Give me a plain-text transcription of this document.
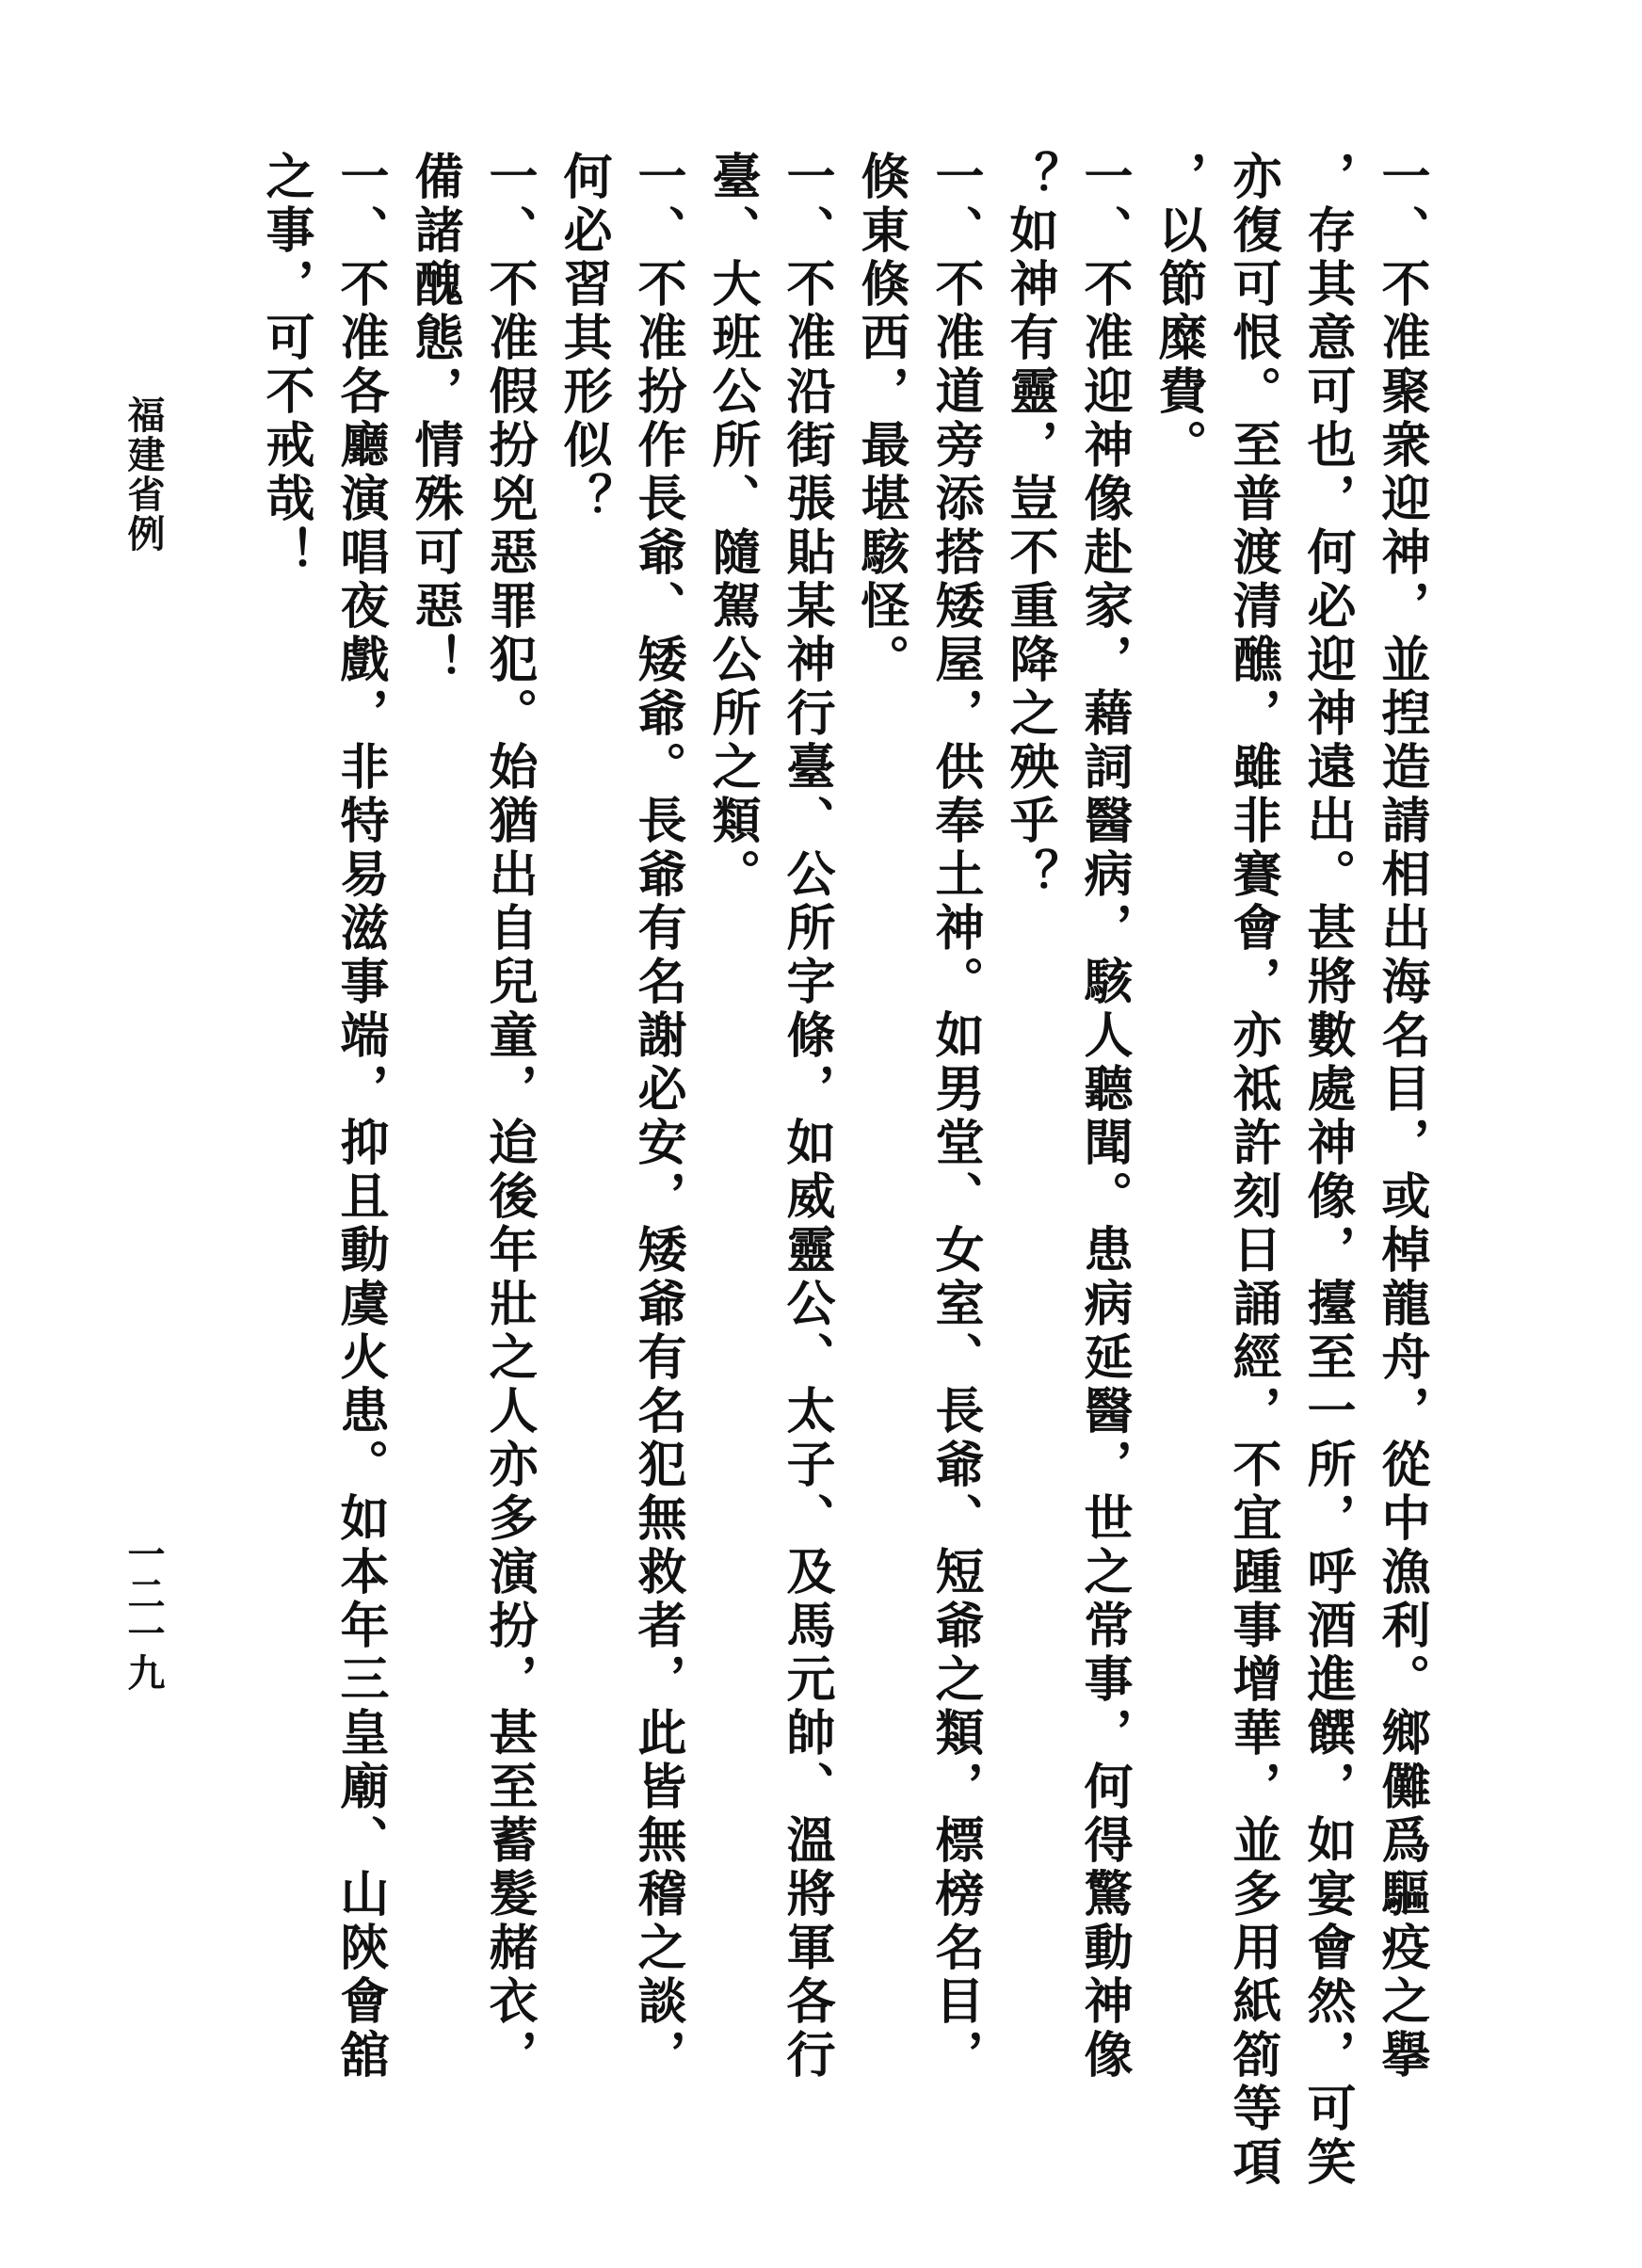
一、不准聚衆迎神，並揑造請相出海名目，或棹龍舟，從中漁利。鄉儺爲驅疫之擧
，存其意可也，何必迎神遠出。甚將數處神像，擡至一所，呼酒進饌，如宴會然，可笑
亦復可恨。至普渡清醮，雖非賽會，亦祗許刻日誦經，不宜踵事增華，並多用紙箚等項
，以節糜費。
一、不准迎神像赴家，藉詞醫病，駭人聽聞。患病延醫，世之常事，何得驚動神像
？如神有靈，豈不重降之殃乎？
一、不准道旁添搭矮屋，供奉土神。如男堂、女室、長爺、短爺之類，標榜名目，
倏東倏西，最堪駭怪。
一、不准沿街張貼某神行臺、公所字條，如威靈公、太子、及馬元帥、溫將軍各行
臺、大班公所、隨駕公所之類。
一、不准扮作長爺、矮爺。長爺有名謝必安，矮爺有名犯無救者，此皆無稽之談，
何必習其形似？
一、不准假扮兇惡罪犯。始猶出自兒童，迨後年壯之人亦多演扮，甚至蓄髮赭衣，
備諸醜態，情殊可惡！
一、不准各廳演唱夜戲，非特易滋事端，抑且動虞火患。如本年三皇廟、山陝會舘
之事，可不戒哉！
福建省例
一二一九
